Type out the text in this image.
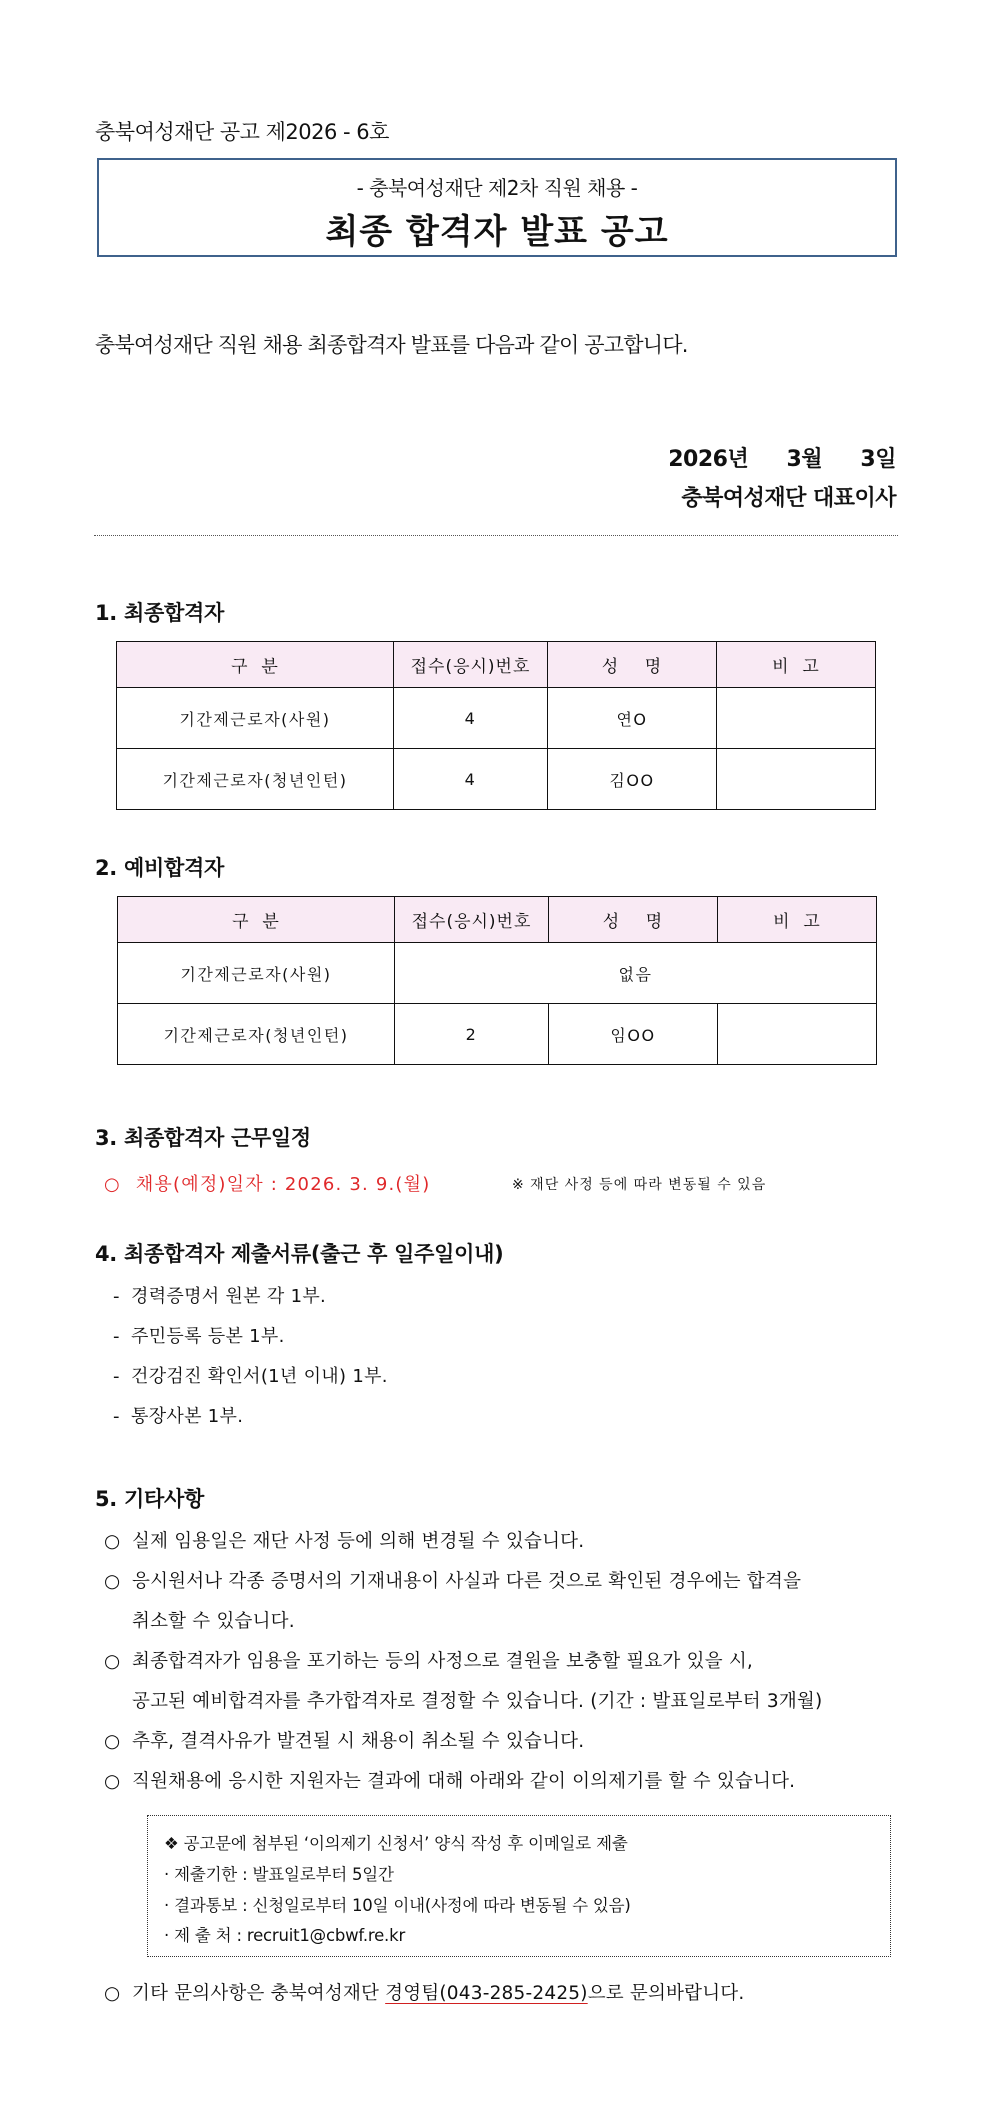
충북여성재단 공고 제2026 - 6호
- 충북여성재단 제2차 직원 채용 -
최종 합격자 발표 공고
충북여성재단 직원 채용 최종합격자 발표를 다음과 같이 공고합니다.
2026년  3월  3일
충북여성재단 대표이사
1. 최종합격자
구  분	접수(응시)번호	성    명	비  고
기간제근로자(사원)	4	연O	
기간제근로자(청년인턴)	4	김OO	
2. 예비합격자
구  분	접수(응시)번호	성    명	비  고
기간제근로자(사원)	없음		
기간제근로자(청년인턴)	2	임OO	
3. 최종합격자 근무일정
○ 채용(예정)일자 : 2026. 3. 9.(월)	※ 재단 사정 등에 따라 변동될 수 있음
4. 최종합격자 제출서류(출근 후 일주일이내)
- 경력증명서 원본 각 1부.
- 주민등록 등본 1부.
- 건강검진 확인서(1년 이내) 1부.
- 통장사본 1부.
5. 기타사항
○ 실제 임용일은 재단 사정 등에 의해 변경될 수 있습니다.
○ 응시원서나 각종 증명서의 기재내용이 사실과 다른 것으로 확인된 경우에는 합격을
취소할 수 있습니다.
○ 최종합격자가 임용을 포기하는 등의 사정으로 결원을 보충할 필요가 있을 시,
공고된 예비합격자를 추가합격자로 결정할 수 있습니다. (기간 : 발표일로부터 3개월)
○ 추후, 결격사유가 발견될 시 채용이 취소될 수 있습니다.
○ 직원채용에 응시한 지원자는 결과에 대해 아래와 같이 이의제기를 할 수 있습니다.
❖ 공고문에 첨부된 ‘이의제기 신청서’ 양식 작성 후 이메일로 제출
· 제출기한 : 발표일로부터 5일간
· 결과통보 : 신청일로부터 10일 이내(사정에 따라 변동될 수 있음)
· 제 출 처 : recruit1@cbwf.re.kr
○ 기타 문의사항은 충북여성재단 경영팀(043-285-2425)으로 문의바랍니다.
